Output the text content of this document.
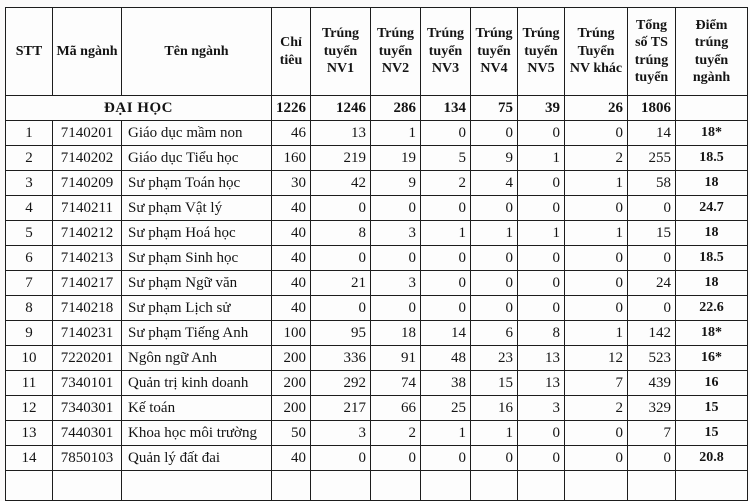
STT	Mã ngành	Tên ngành	Chỉ tiêu	Trúng tuyển NV1	Trúng tuyển NV2	Trúng tuyển NV3	Trúng tuyển NV4	Trúng tuyển NV5	Trúng Tuyển NV khác	Tổng số TS trúng tuyển	Điểm trúng tuyển ngành
ĐẠI HỌC			1226	1246	286	134	75	39	26	1806	
1	7140201	Giáo dục mầm non	46	13	1	0	0	0	0	14	18*
2	7140202	Giáo dục Tiểu học	160	219	19	5	9	1	2	255	18.5
3	7140209	Sư phạm Toán học	30	42	9	2	4	0	1	58	18
4	7140211	Sư phạm Vật lý	40	0	0	0	0	0	0	0	24.7
5	7140212	Sư phạm Hoá học	40	8	3	1	1	1	1	15	18
6	7140213	Sư phạm Sinh học	40	0	0	0	0	0	0	0	18.5
7	7140217	Sư phạm Ngữ văn	40	21	3	0	0	0	0	24	18
8	7140218	Sư phạm Lịch sử	40	0	0	0	0	0	0	0	22.6
9	7140231	Sư phạm Tiếng Anh	100	95	18	14	6	8	1	142	18*
10	7220201	Ngôn ngữ Anh	200	336	91	48	23	13	12	523	16*
11	7340101	Quản trị kinh doanh	200	292	74	38	15	13	7	439	16
12	7340301	Kế toán	200	217	66	25	16	3	2	329	15
13	7440301	Khoa học môi trường	50	3	2	1	1	0	0	7	15
14	7850103	Quản lý đất đai	40	0	0	0	0	0	0	0	20.8
